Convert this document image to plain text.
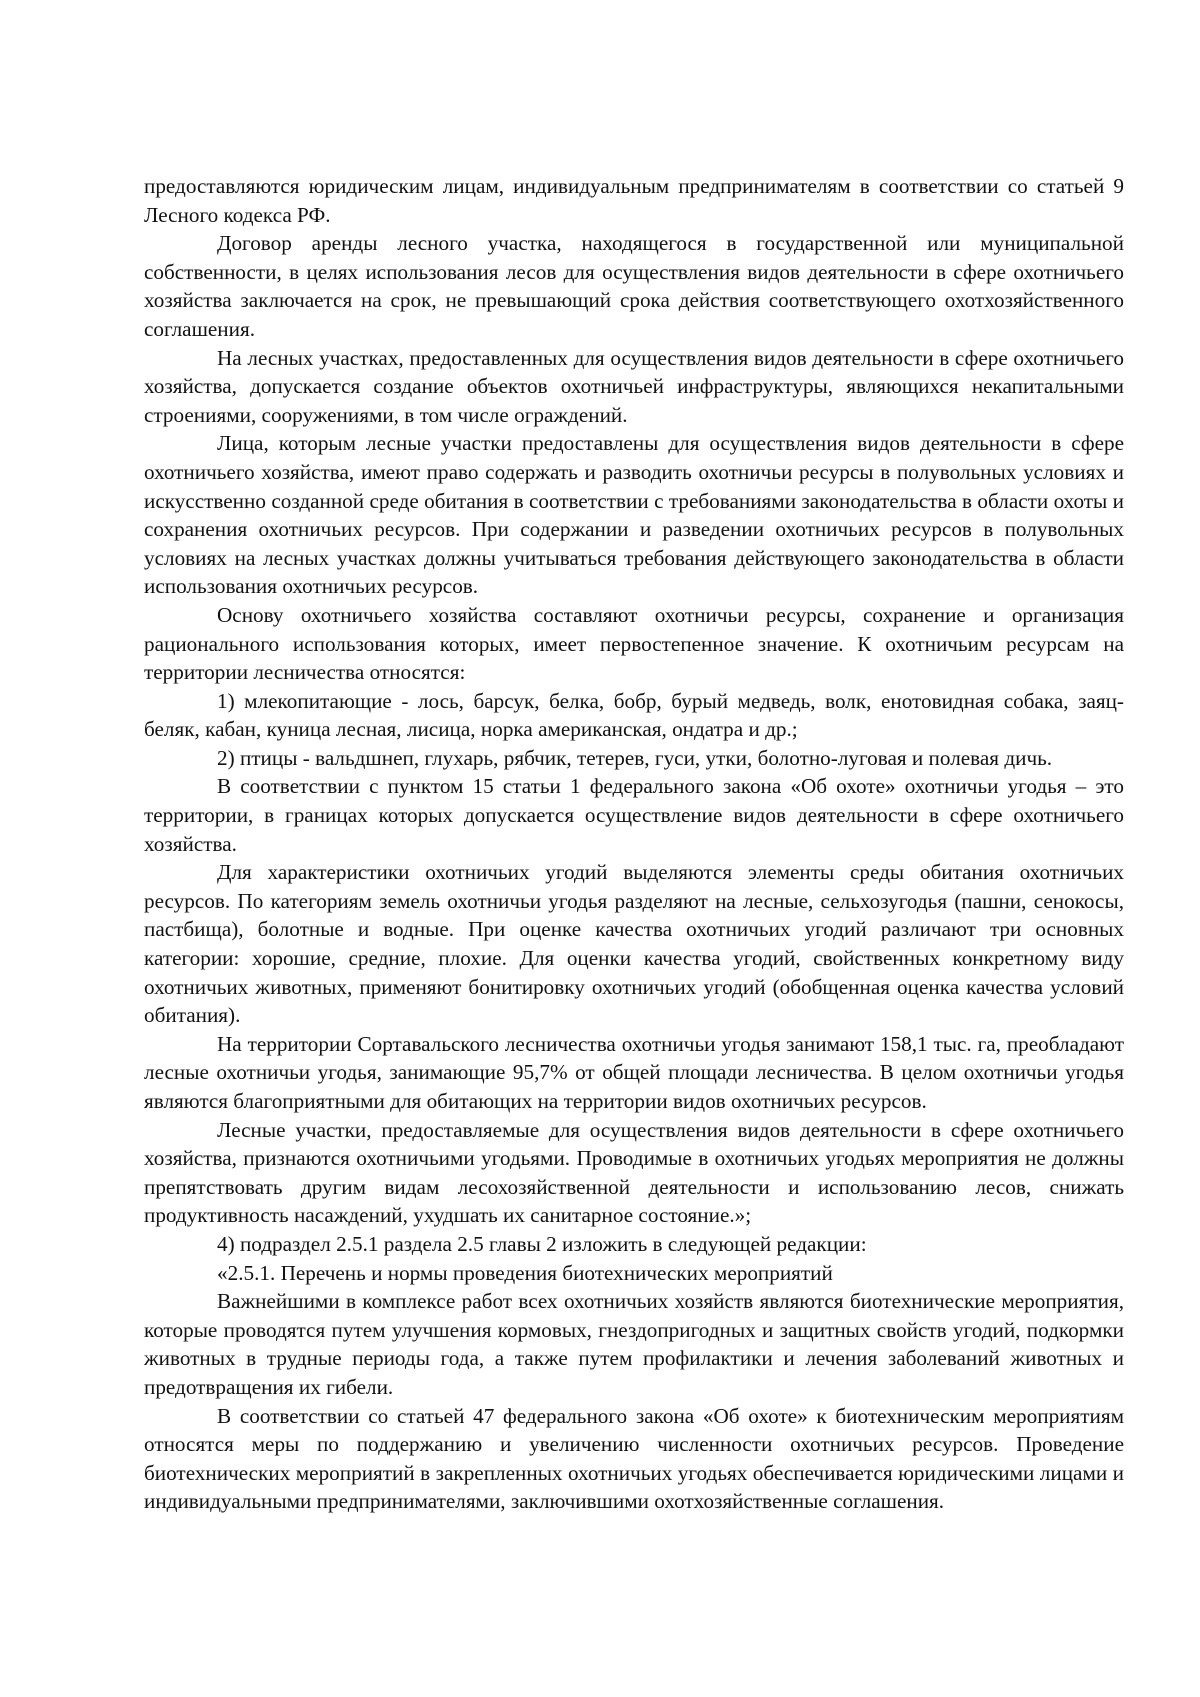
предоставляются юридическим лицам, индивидуальным предпринимателям в соответствии со статьей 9 Лесного кодекса РФ.

Договор аренды лесного участка, находящегося в государственной или муниципальной собственности, в целях использования лесов для осуществления видов деятельности в сфере охотничьего хозяйства заключается на срок, не превышающий срока действия соответствующего охотхозяйственного соглашения.

На лесных участках, предоставленных для осуществления видов деятельности в сфере охотничьего хозяйства, допускается создание объектов охотничьей инфраструктуры, являющихся некапитальными строениями, сооружениями, в том числе ограждений.

Лица, которым лесные участки предоставлены для осуществления видов деятельности в сфере охотничьего хозяйства, имеют право содержать и разводить охотничьи ресурсы в полувольных условиях и искусственно созданной среде обитания в соответствии с требованиями законодательства в области охоты и сохранения охотничьих ресурсов. При содержании и разведении охотничьих ресурсов в полувольных условиях на лесных участках должны учитываться требования действующего законодательства в области использования охотничьих ресурсов.

Основу охотничьего хозяйства составляют охотничьи ресурсы, сохранение и организация рационального использования которых, имеет первостепенное значение. К охотничьим ресурсам на территории лесничества относятся:

1) млекопитающие - лось, барсук, белка, бобр, бурый медведь, волк, енотовидная собака, заяц-беляк, кабан, куница лесная, лисица, норка американская, ондатра и др.;

2) птицы - вальдшнеп, глухарь, рябчик, тетерев, гуси, утки, болотно-луговая и полевая дичь.

В соответствии с пунктом 15 статьи 1 федерального закона «Об охоте» охотничьи угодья – это территории, в границах которых допускается осуществление видов деятельности в сфере охотничьего хозяйства.

Для характеристики охотничьих угодий выделяются элементы среды обитания охотничьих ресурсов. По категориям земель охотничьи угодья разделяют на лесные, сельхозугодья (пашни, сенокосы, пастбища), болотные и водные. При оценке качества охотничьих угодий различают три основных категории: хорошие, средние, плохие. Для оценки качества угодий, свойственных конкретному виду охотничьих животных, применяют бонитировку охотничьих угодий (обобщенная оценка качества условий обитания).

На территории Сортавальского лесничества охотничьи угодья занимают 158,1 тыс. га, преобладают лесные охотничьи угодья, занимающие 95,7% от общей площади лесничества. В целом охотничьи угодья являются благоприятными для обитающих на территории видов охотничьих ресурсов.

Лесные участки, предоставляемые для осуществления видов деятельности в сфере охотничьего хозяйства, признаются охотничьими угодьями. Проводимые в охотничьих угодьях мероприятия не должны препятствовать другим видам лесохозяйственной деятельности и использованию лесов, снижать продуктивность насаждений, ухудшать их санитарное состояние.»;

4) подраздел 2.5.1 раздела 2.5 главы 2 изложить в следующей редакции:

«2.5.1. Перечень и нормы проведения биотехнических мероприятий

Важнейшими в комплексе работ всех охотничьих хозяйств являются биотехнические мероприятия, которые проводятся путем улучшения кормовых, гнездопригодных и защитных свойств угодий, подкормки животных в трудные периоды года, а также путем профилактики и лечения заболеваний животных и предотвращения их гибели.

В соответствии со статьей 47 федерального закона «Об охоте» к биотехническим мероприятиям относятся меры по поддержанию и увеличению численности охотничьих ресурсов. Проведение биотехнических мероприятий в закрепленных охотничьих угодьях обеспечивается юридическими лицами и индивидуальными предпринимателями, заключившими охотхозяйственные соглашения.
